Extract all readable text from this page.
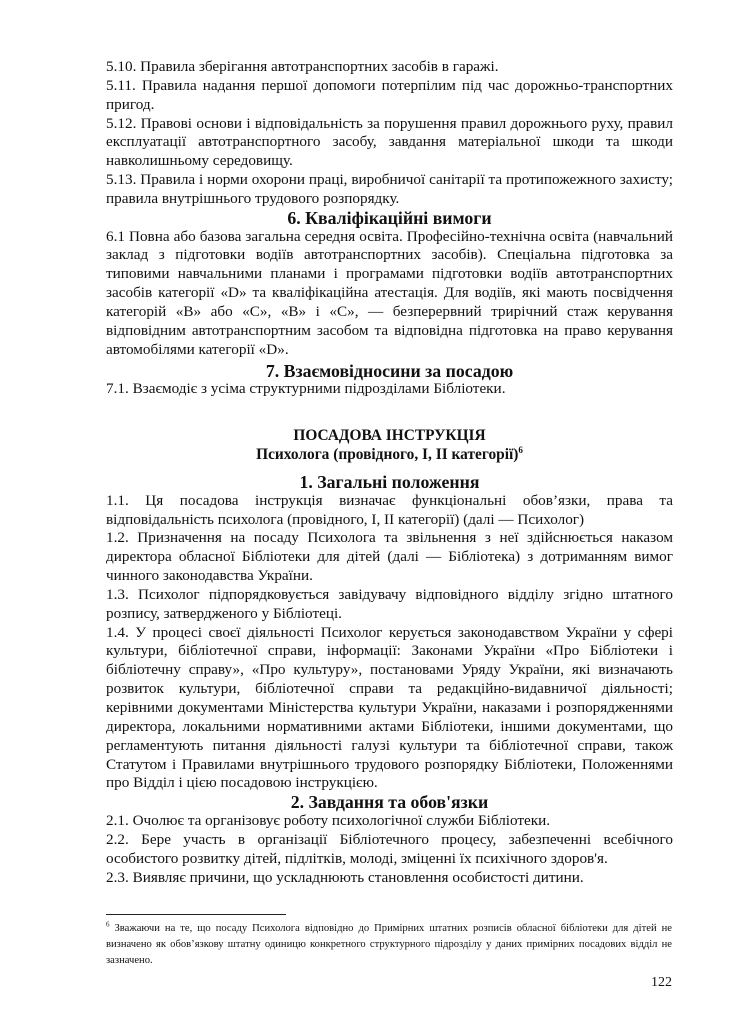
5.10. Правила зберігання автотранспортних засобів в гаражі.

5.11. Правила надання першої допомоги потерпілим під час дорожньо-транспортних пригод.

5.12. Правові основи і відповідальність за порушення правил дорожнього руху, правил експлуатації автотранспортного засобу, завдання матеріальної шкоди та шкоди навколишньому середовищу.

5.13. Правила і норми охорони праці, виробничої санітарії та протипожежного захисту; правила внутрішнього трудового розпорядку.

6. Кваліфікаційні вимоги

6.1 Повна або базова загальна середня освіта. Професійно-технічна освіта (навчальний заклад з підготовки водіїв автотранспортних засобів). Спеціальна підготовка за типовими навчальними планами і програмами підготовки водіїв автотранспортних засобів категорії «D» та кваліфікаційна атестація. Для водіїв, які мають посвідчення категорій «B» або «C», «B» і «C», — безперервний трирічний стаж керування відповідним автотранспортним засобом та відповідна підготовка на право керування автомобілями категорії «D».

7. Взаємовідносини за посадою

7.1. Взаємодіє з усіма структурними підрозділами Бібліотеки.

ПОСАДОВА ІНСТРУКЦІЯ
Психолога (провідного, І, ІІ категорії)$^6$
1. Загальні положення

1.1. Ця посадова інструкція визначає функціональні обов’язки, права та відповідальність психолога (провідного, І, ІІ категорії) (далі — Психолог)

1.2. Призначення на посаду Психолога та звільнення з неї здійснюється наказом директора обласної Бібліотеки для дітей (далі — Бібліотека) з дотриманням вимог чинного законодавства України.

1.3. Психолог підпорядковується завідувачу відповідного відділу згідно штатного розпису, затвердженого у Бібліотеці.

1.4. У процесі своєї діяльності Психолог керується законодавством України у сфері культури, бібліотечної справи, інформації: Законами України «Про Бібліотеки і бібліотечну справу», «Про культуру», постановами Уряду України, які визначають розвиток культури, бібліотечної справи та редакційно-видавничої діяльності; керівними документами Міністерства культури України, наказами і розпорядженнями директора, локальними нормативними актами Бібліотеки, іншими документами, що регламентують питання діяльності галузі культури та бібліотечної справи, також Статутом і Правилами внутрішнього трудового розпорядку Бібліотеки, Положеннями про Відділ і цією посадовою інструкцією.

2. Завдання та обов'язки

2.1. Очолює та організовує роботу психологічної служби Бібліотеки.

2.2. Бере участь в організації Бібліотечного процесу, забезпеченні всебічного особистого розвитку дітей, підлітків, молоді, зміценні їх психічного здоров'я.

2.3. Виявляє причини, що ускладнюють становлення особистості дитини.

$^6$ Зважаючи на те, що посаду Психолога відповідно до Примірних штатних розписів обласної бібліотеки для дітей не визначено як обов’язкову штатну одиницю конкретного структурного підрозділу у даних примірних посадових відділ не зазначено.

122
